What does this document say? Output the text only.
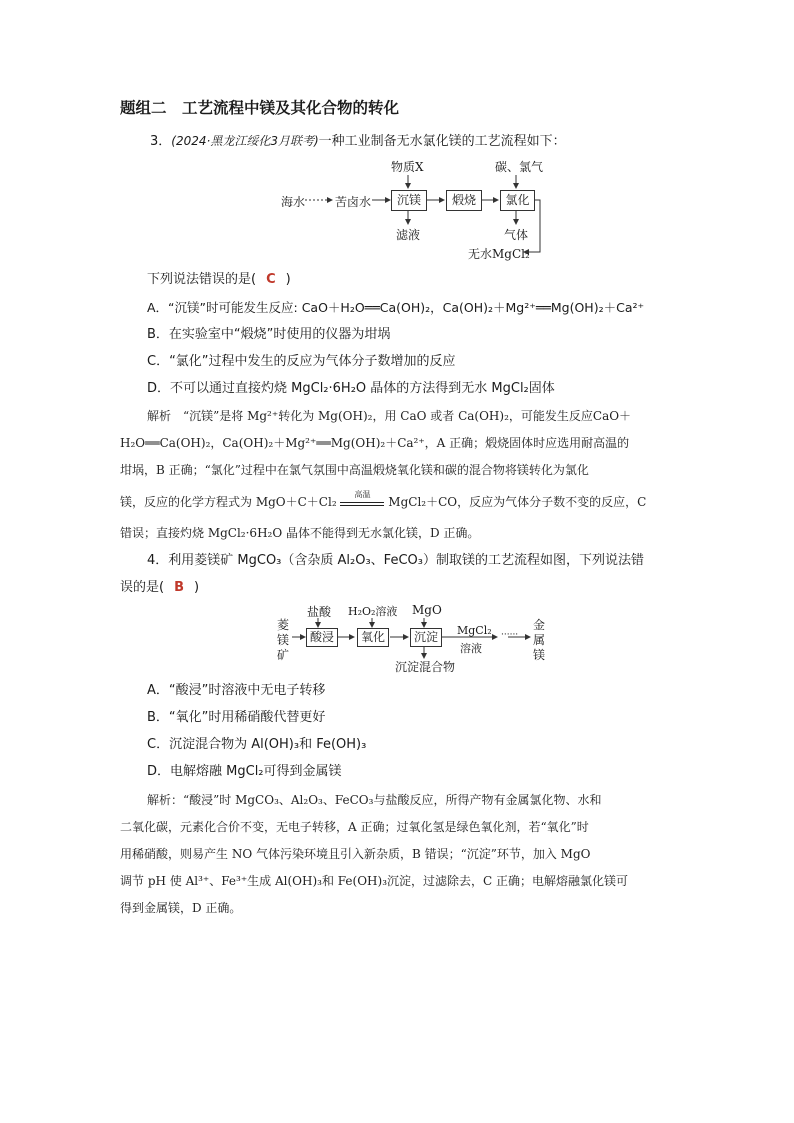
题组二　工艺流程中镁及其化合物的转化
3．(2024·黑龙江绥化3月联考)一种工业制备无水氯化镁的工艺流程如下：
海水 苦卤水
物质X
沉镁
滤液
煅烧
碳、氯气
氯化
气体
无水MgCl₂
下列说法错误的是( C )
A．“沉镁”时可能发生反应: CaO＋H₂O══Ca(OH)₂，Ca(OH)₂＋Mg²⁺══Mg(OH)₂＋Ca²⁺
B．在实验室中“煅烧”时使用的仪器为坩埚
C．“氯化”过程中发生的反应为气体分子数增加的反应
D．不可以通过直接灼烧 MgCl₂·6H₂O 晶体的方法得到无水 MgCl₂固体
解析　“沉镁”是将 Mg²⁺转化为 Mg(OH)₂，用 CaO 或者 Ca(OH)₂，可能发生反应CaO＋
H₂O══Ca(OH)₂，Ca(OH)₂＋Mg²⁺══Mg(OH)₂＋Ca²⁺，A 正确；煅烧固体时应选用耐高温的
坩埚，B 正确；“氯化”过程中在氯气氛围中高温煅烧氧化镁和碳的混合物将镁转化为氯化
镁，反应的化学方程式为 MgO＋C＋Cl₂
高温
MgCl₂＋CO，反应为气体分子数不变的反应，C
错误；直接灼烧 MgCl₂·6H₂O 晶体不能得到无水氯化镁，D 正确。
4．利用菱镁矿 MgCO₃（含杂质 Al₂O₃、FeCO₃）制取镁的工艺流程如图，下列说法错
误的是( B )
菱镁矿
盐酸
酸浸
H₂O₂溶液
氧化
MgO
沉淀
沉淀混合物
MgCl₂
溶液
······
金属镁
A．“酸浸”时溶液中无电子转移
B．“氧化”时用稀硝酸代替更好
C．沉淀混合物为 Al(OH)₃和 Fe(OH)₃
D．电解熔融 MgCl₂可得到金属镁
解析：“酸浸”时 MgCO₃、Al₂O₃、FeCO₃与盐酸反应，所得产物有金属氯化物、水和
二氧化碳，元素化合价不变，无电子转移，A 正确；过氧化氢是绿色氧化剂，若“氧化”时
用稀硝酸，则易产生 NO 气体污染环境且引入新杂质，B 错误；“沉淀”环节，加入 MgO
调节 pH 使 Al³⁺、Fe³⁺生成 Al(OH)₃和 Fe(OH)₃沉淀，过滤除去，C 正确；电解熔融氯化镁可
得到金属镁，D 正确。
